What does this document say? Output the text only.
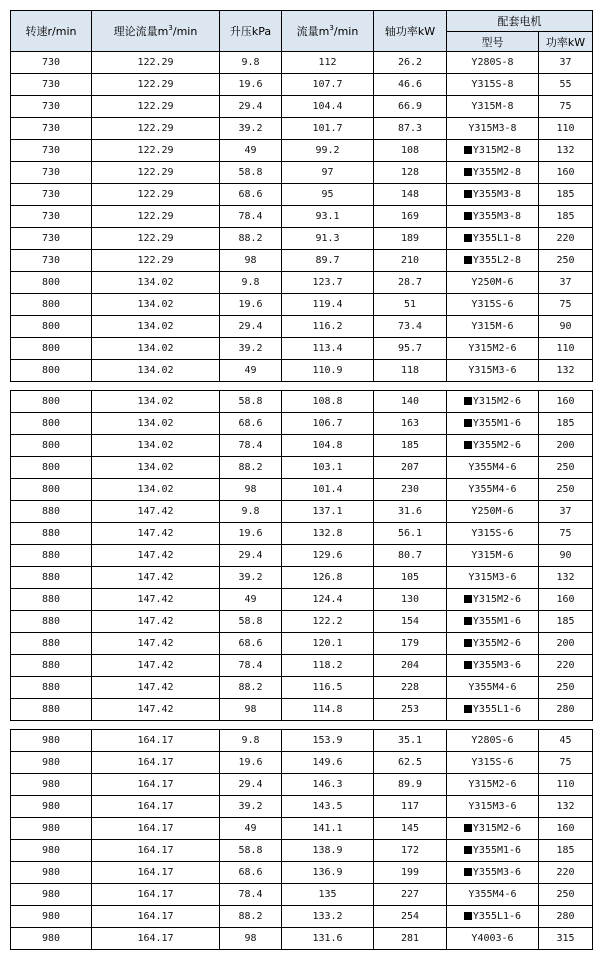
转速r/min	理论流量$m^3/\min$	升压kPa	流量$m^3/\min$	轴功率kW	配套电机	
					型号	功率kW
730	122.29	9.8	112	26.2	Y280S-8	37
730	122.29	19.6	107.7	46.6	Y315S-8	55
730	122.29	29.4	104.4	66.9	Y315M-8	75
730	122.29	39.2	101.7	87.3	Y315M3-8	110
730	122.29	49	99.2	108	Y315M2-8	132
730	122.29	58.8	97	128	Y355M2-8	160
730	122.29	68.6	95	148	Y355M3-8	185
730	122.29	78.4	93.1	169	Y355M3-8	185
730	122.29	88.2	91.3	189	Y355L1-8	220
730	122.29	98	89.7	210	Y355L2-8	250
800	134.02	9.8	123.7	28.7	Y250M-6	37
800	134.02	19.6	119.4	51	Y315S-6	75
800	134.02	29.4	116.2	73.4	Y315M-6	90
800	134.02	39.2	113.4	95.7	Y315M2-6	110
800	134.02	49	110.9	118	Y315M3-6	132

800	134.02	58.8	108.8	140	Y315M2-6	160
800	134.02	68.6	106.7	163	Y355M1-6	185
800	134.02	78.4	104.8	185	Y355M2-6	200
800	134.02	88.2	103.1	207	Y355M4-6	250
800	134.02	98	101.4	230	Y355M4-6	250
880	147.42	9.8	137.1	31.6	Y250M-6	37
880	147.42	19.6	132.8	56.1	Y315S-6	75
880	147.42	29.4	129.6	80.7	Y315M-6	90
880	147.42	39.2	126.8	105	Y315M3-6	132
880	147.42	49	124.4	130	Y315M2-6	160
880	147.42	58.8	122.2	154	Y355M1-6	185
880	147.42	68.6	120.1	179	Y355M2-6	200
880	147.42	78.4	118.2	204	Y355M3-6	220
880	147.42	88.2	116.5	228	Y355M4-6	250
880	147.42	98	114.8	253	Y355L1-6	280

980	164.17	9.8	153.9	35.1	Y280S-6	45
980	164.17	19.6	149.6	62.5	Y315S-6	75
980	164.17	29.4	146.3	89.9	Y315M2-6	110
980	164.17	39.2	143.5	117	Y315M3-6	132
980	164.17	49	141.1	145	Y315M2-6	160
980	164.17	58.8	138.9	172	Y355M1-6	185
980	164.17	68.6	136.9	199	Y355M3-6	220
980	164.17	78.4	135	227	Y355M4-6	250
980	164.17	88.2	133.2	254	Y355L1-6	280
980	164.17	98	131.6	281	Y4003-6	315
